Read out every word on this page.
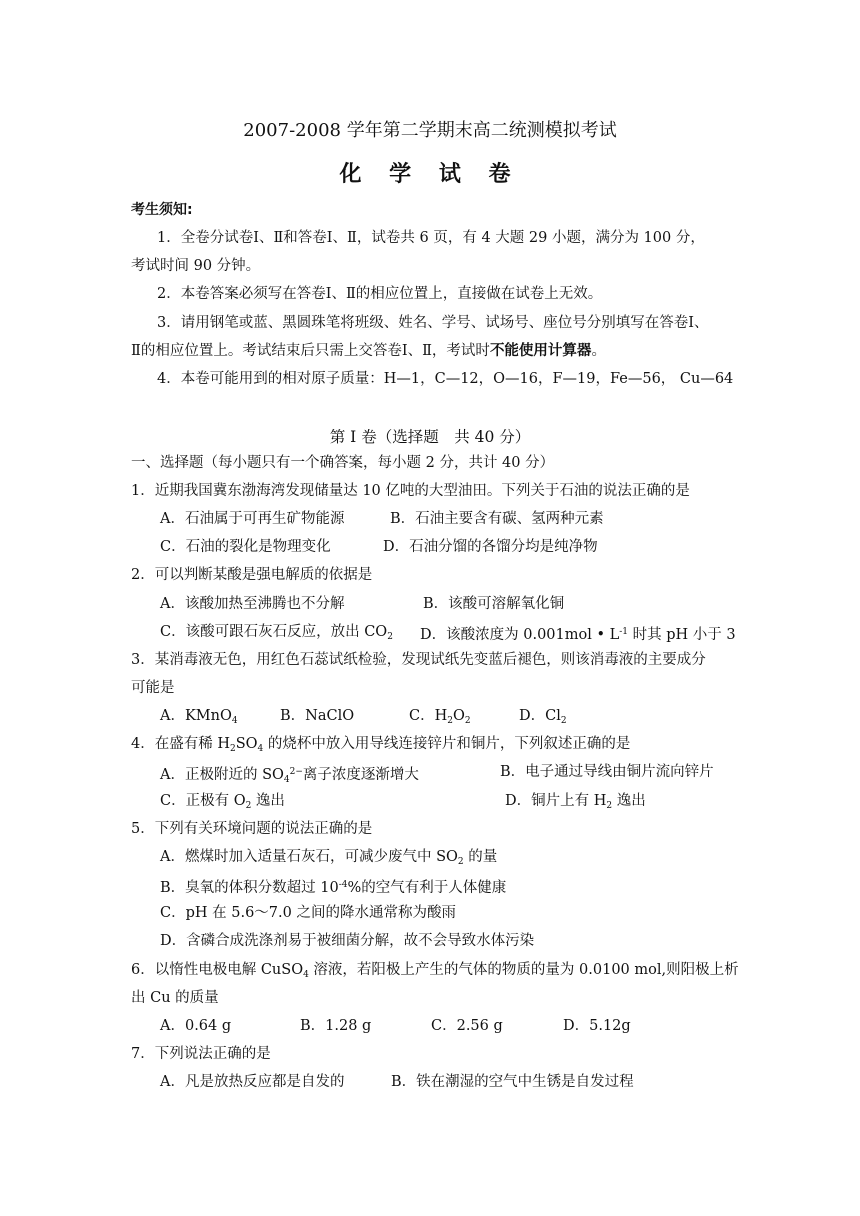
2007-2008 学年第二学期末高二统测模拟考试
化 学 试 卷
考生须知:
1．全卷分试卷Ⅰ、Ⅱ和答卷Ⅰ、Ⅱ，试卷共 6 页，有 4 大题 29 小题，满分为 100 分，
考试时间 90 分钟。
2．本卷答案必须写在答卷Ⅰ、Ⅱ的相应位置上，直接做在试卷上无效。
3．请用钢笔或蓝、黑圆珠笔将班级、姓名、学号、试场号、座位号分别填写在答卷Ⅰ、
Ⅱ的相应位置上。考试结束后只需上交答卷Ⅰ、Ⅱ，考试时不能使用计算器。
4．本卷可能用到的相对原子质量：H—1，C—12，O—16，F—19，Fe—56， Cu—64
第 I 卷（选择题　共 40 分）
一、选择题（每小题只有一个确答案，每小题 2 分，共计 40 分）
1．近期我国冀东渤海湾发现储量达 10 亿吨的大型油田。下列关于石油的说法正确的是
A．石油属于可再生矿物能源	B．石油主要含有碳、氢两种元素
C．石油的裂化是物理变化	D．石油分馏的各馏分均是纯净物
2．可以判断某酸是强电解质的依据是
A．该酸加热至沸腾也不分解	B．该酸可溶解氧化铜
C．该酸可跟石灰石反应，放出 $CO_2$ D．该酸浓度为 0.001mol • $L^{-1}$ 时其 pH 小于 3
3．某消毒液无色，用红色石蕊试纸检验，发现试纸先变蓝后褪色，则该消毒液的主要成分
可能是
A．KMnO$_4$	B．NaClO	C．$H_2O_2$	D．$Cl_2$
4．在盛有稀 $H_2SO_4$ 的烧杯中放入用导线连接锌片和铜片，下列叙述正确的是
A．正极附近的 $SO_4^{2-}$离子浓度逐渐增大	B．电子通过导线由铜片流向锌片
C．正极有 $O_2$ 逸出	D．铜片上有 $H_2$ 逸出
5．下列有关环境问题的说法正确的是
A．燃煤时加入适量石灰石，可减少废气中 $SO_2$ 的量
B．臭氧的体积分数超过 $10^{-4}\%$的空气有利于人体健康
C．pH 在 5.6～7.0 之间的降水通常称为酸雨
D．含磷合成洗涤剂易于被细菌分解，故不会导致水体污染
6．以惰性电极电解 CuSO$_4$ 溶液，若阳极上产生的气体的物质的量为 0.0100 mol,则阳极上析
出 Cu 的质量
A．0.64 g	B．1.28 g	C．2.56 g	D．5.12g
7．下列说法正确的是
A．凡是放热反应都是自发的	B．铁在潮湿的空气中生锈是自发过程
